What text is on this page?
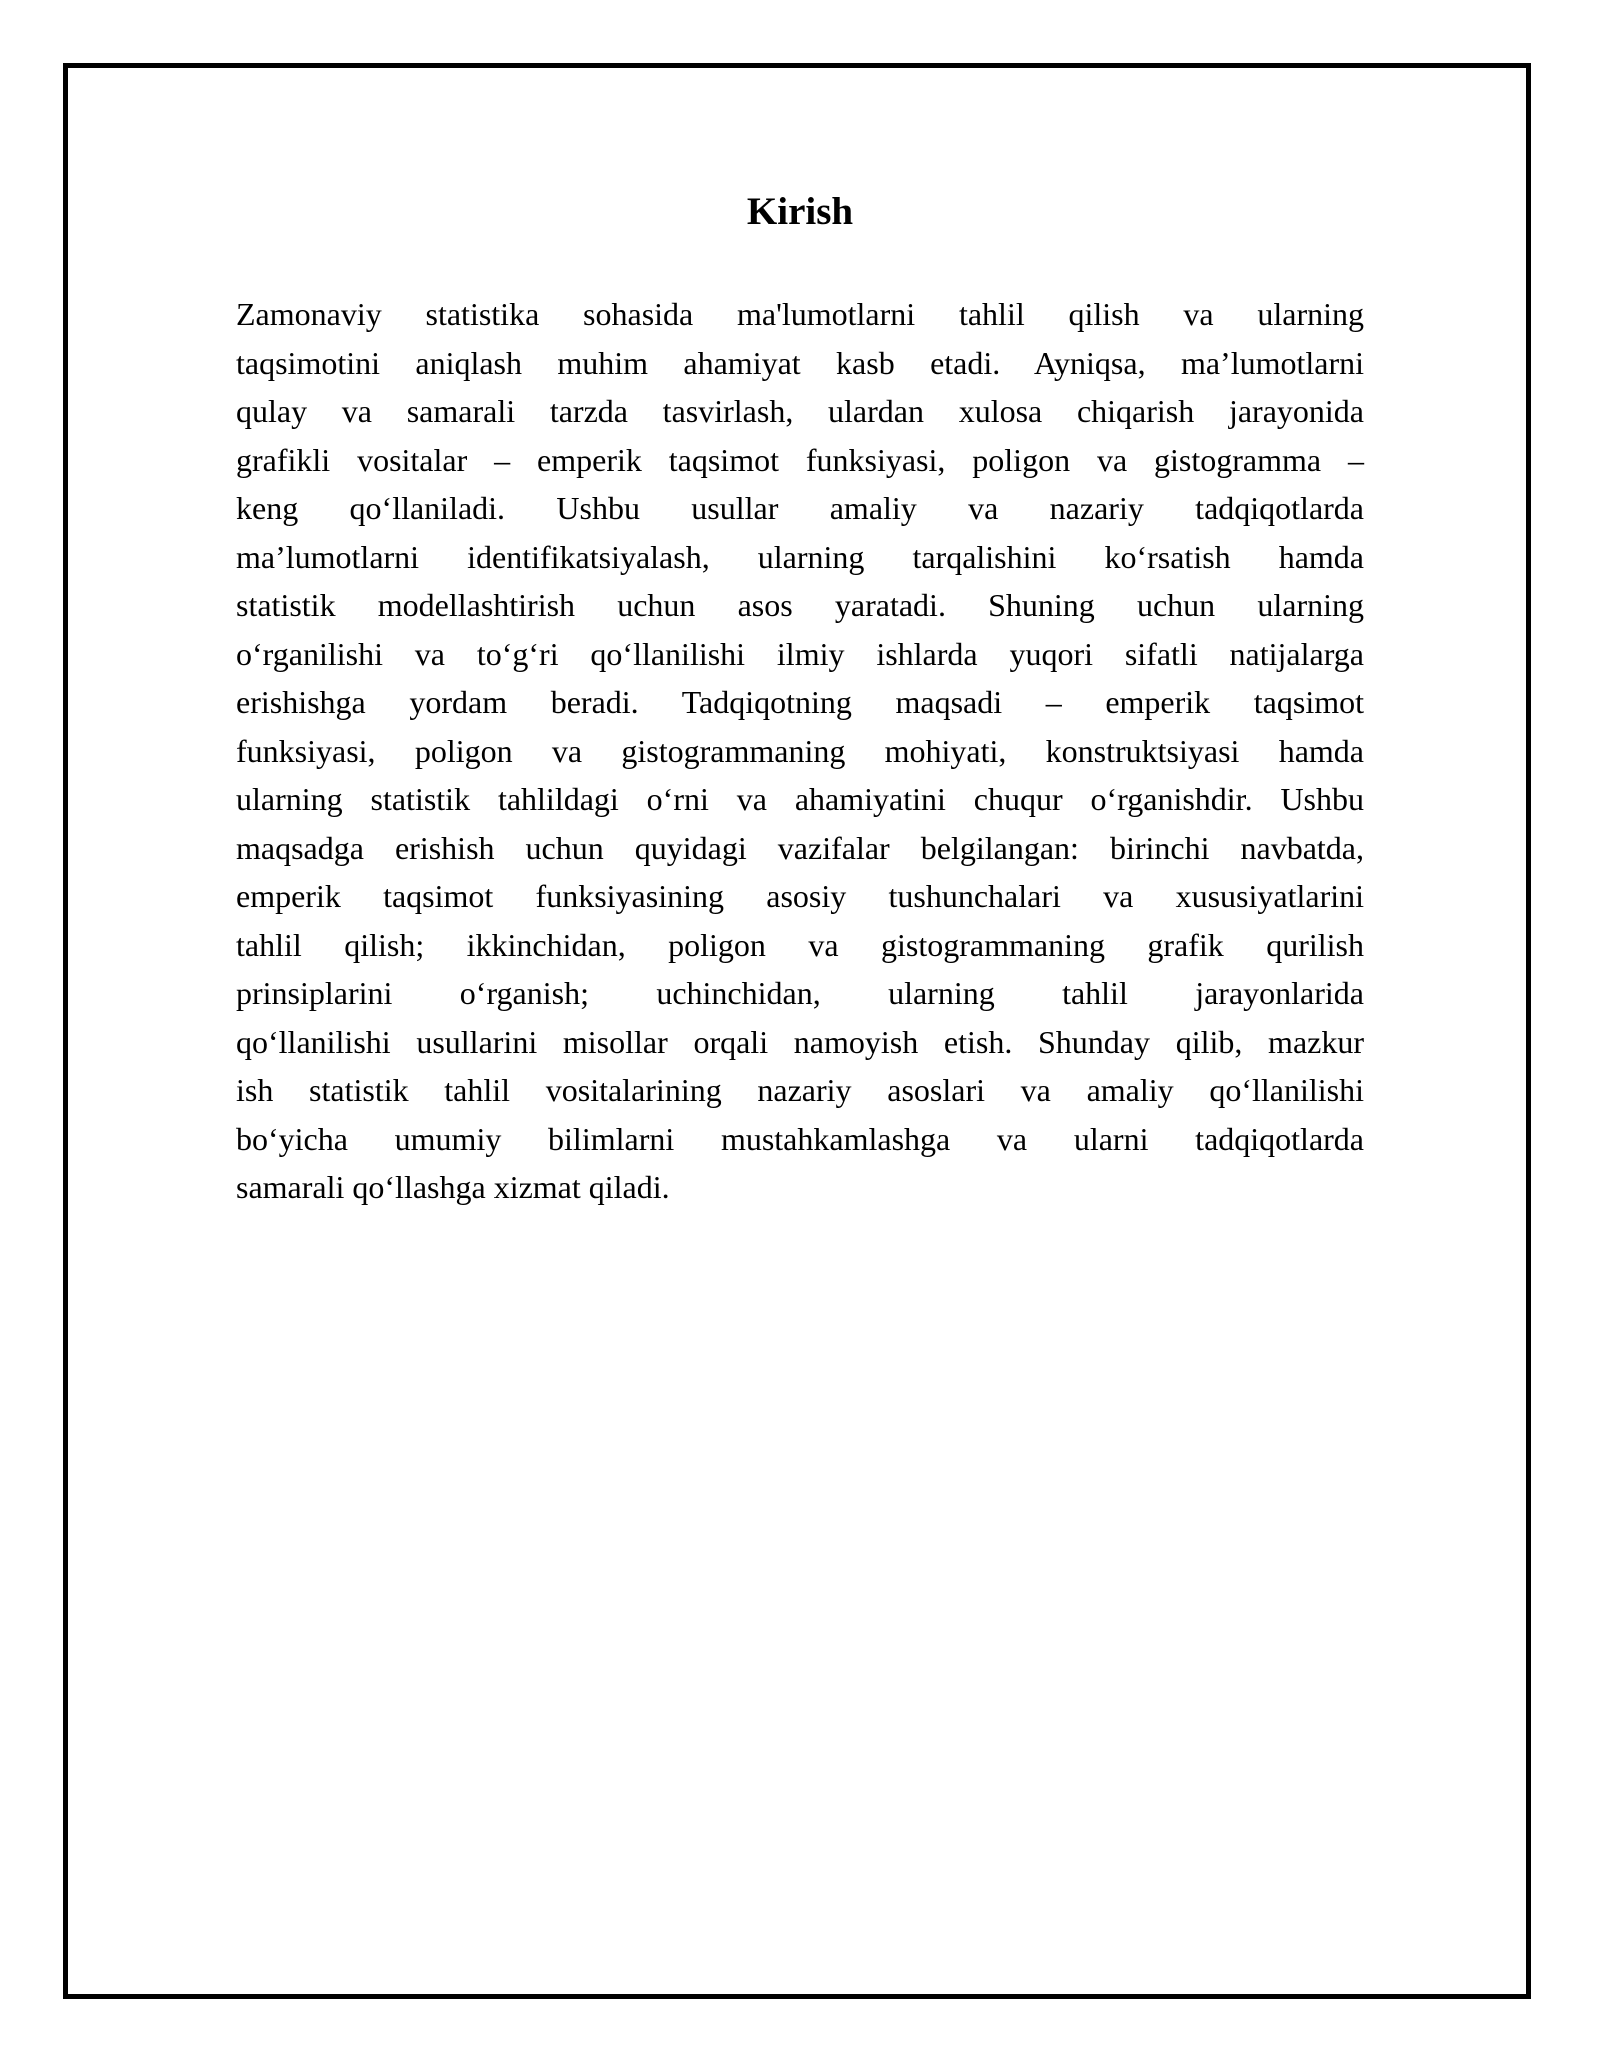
Kirish
Zamonaviy statistika sohasida ma'lumotlarni tahlil qilish va ularning
taqsimotini aniqlash muhim ahamiyat kasb etadi. Ayniqsa, ma’lumotlarni
qulay va samarali tarzda tasvirlash, ulardan xulosa chiqarish jarayonida
grafikli vositalar – emperik taqsimot funksiyasi, poligon va gistogramma –
keng qo‘llaniladi. Ushbu usullar amaliy va nazariy tadqiqotlarda
ma’lumotlarni identifikatsiyalash, ularning tarqalishini ko‘rsatish hamda
statistik modellashtirish uchun asos yaratadi. Shuning uchun ularning
o‘rganilishi va to‘g‘ri qo‘llanilishi ilmiy ishlarda yuqori sifatli natijalarga
erishishga yordam beradi. Tadqiqotning maqsadi – emperik taqsimot
funksiyasi, poligon va gistogrammaning mohiyati, konstruktsiyasi hamda
ularning statistik tahlildagi o‘rni va ahamiyatini chuqur o‘rganishdir. Ushbu
maqsadga erishish uchun quyidagi vazifalar belgilangan: birinchi navbatda,
emperik taqsimot funksiyasining asosiy tushunchalari va xususiyatlarini
tahlil qilish; ikkinchidan, poligon va gistogrammaning grafik qurilish
prinsiplarini o‘rganish; uchinchidan, ularning tahlil jarayonlarida
qo‘llanilishi usullarini misollar orqali namoyish etish. Shunday qilib, mazkur
ish statistik tahlil vositalarining nazariy asoslari va amaliy qo‘llanilishi
bo‘yicha umumiy bilimlarni mustahkamlashga va ularni tadqiqotlarda
samarali qo‘llashga xizmat qiladi.
